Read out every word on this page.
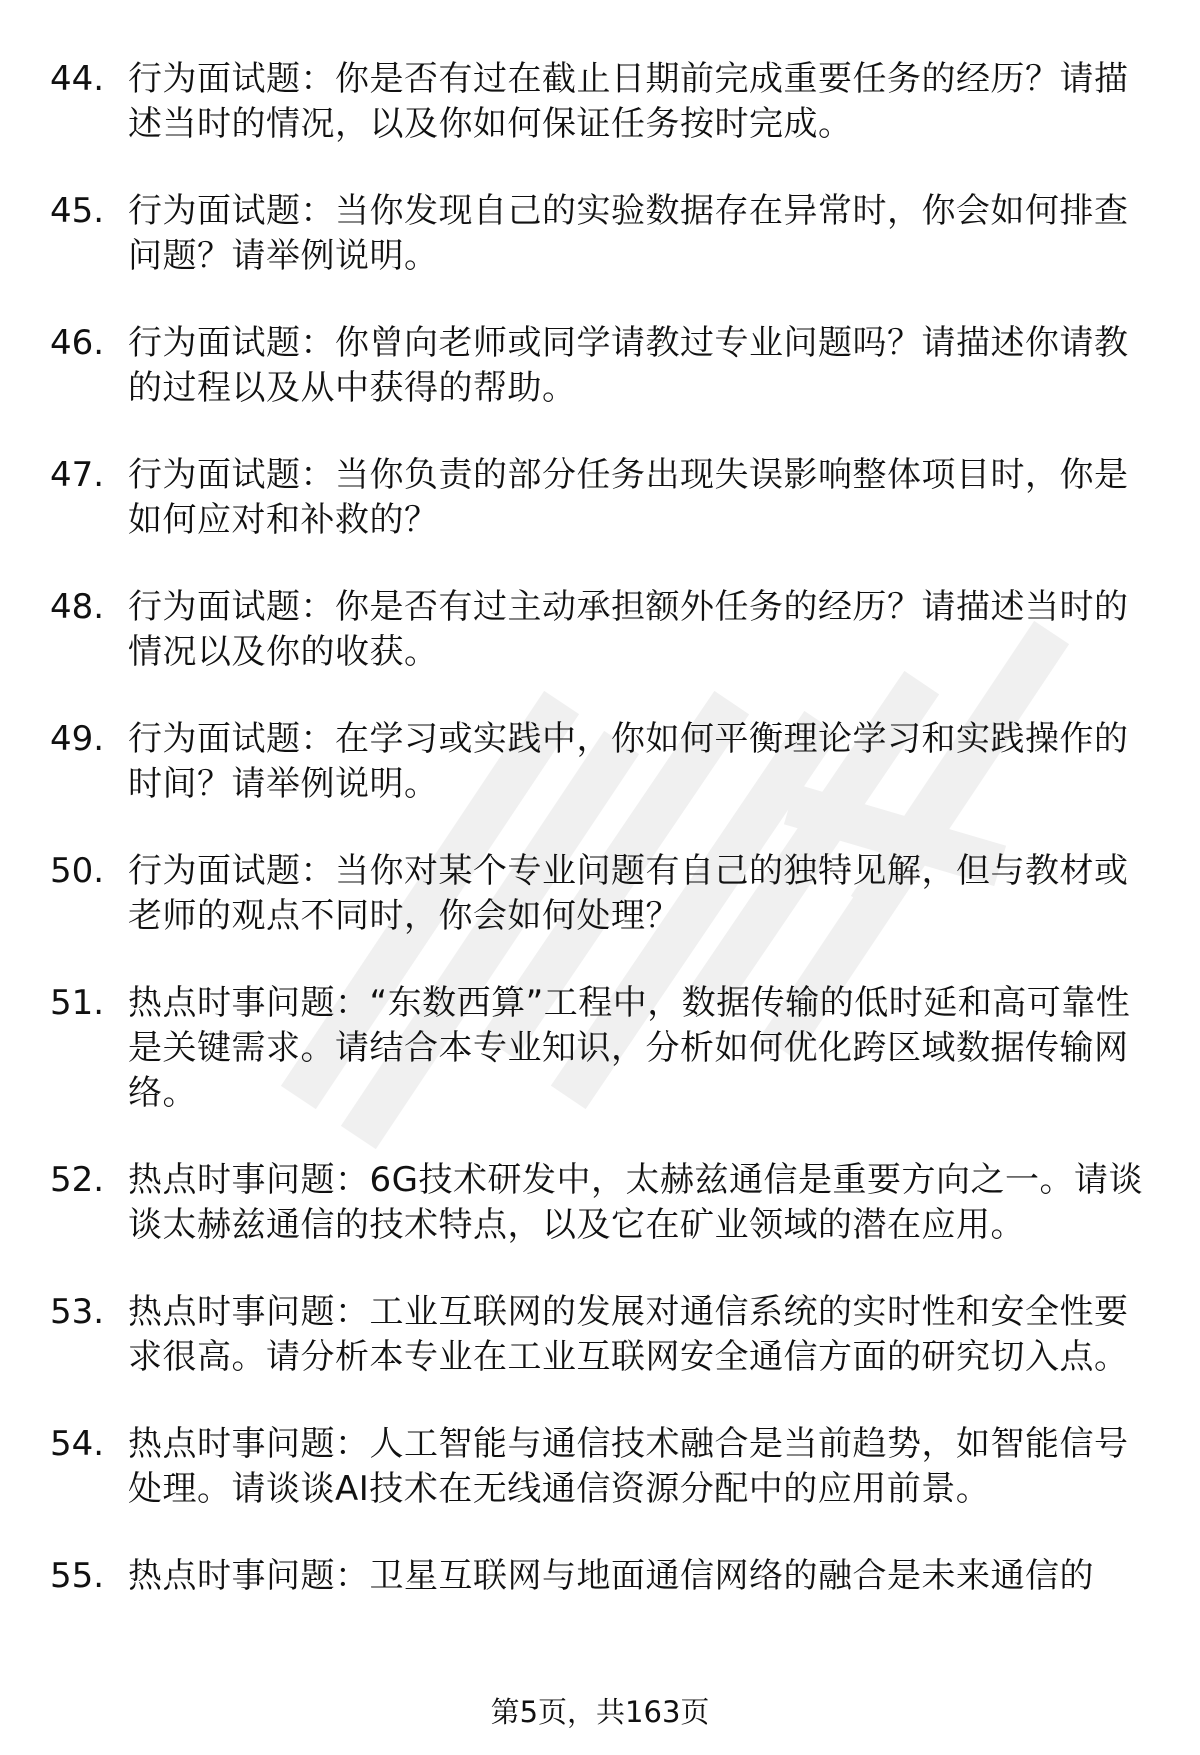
44. 行为面试题：你是否有过在截止日期前完成重要任务的经历？请描述当时的情况，以及你如何保证任务按时完成。
45. 行为面试题：当你发现自己的实验数据存在异常时，你会如何排查问题？请举例说明。
46. 行为面试题：你曾向老师或同学请教过专业问题吗？请描述你请教的过程以及从中获得的帮助。
47. 行为面试题：当你负责的部分任务出现失误影响整体项目时，你是如何应对和补救的？
48. 行为面试题：你是否有过主动承担额外任务的经历？请描述当时的情况以及你的收获。
49. 行为面试题：在学习或实践中，你如何平衡理论学习和实践操作的时间？请举例说明。
50. 行为面试题：当你对某个专业问题有自己的独特见解，但与教材或老师的观点不同时，你会如何处理？
51. 热点时事问题：“东数西算”工程中，数据传输的低时延和高可靠性是关键需求。请结合本专业知识，分析如何优化跨区域数据传输网络。
52. 热点时事问题：6G技术研发中，太赫兹通信是重要方向之一。请谈谈太赫兹通信的技术特点，以及它在矿业领域的潜在应用。
53. 热点时事问题：工业互联网的发展对通信系统的实时性和安全性要求很高。请分析本专业在工业互联网安全通信方面的研究切入点。
54. 热点时事问题：人工智能与通信技术融合是当前趋势，如智能信号处理。请谈谈AI技术在无线通信资源分配中的应用前景。
55. 热点时事问题：卫星互联网与地面通信网络的融合是未来通信的
第5页，共163页
